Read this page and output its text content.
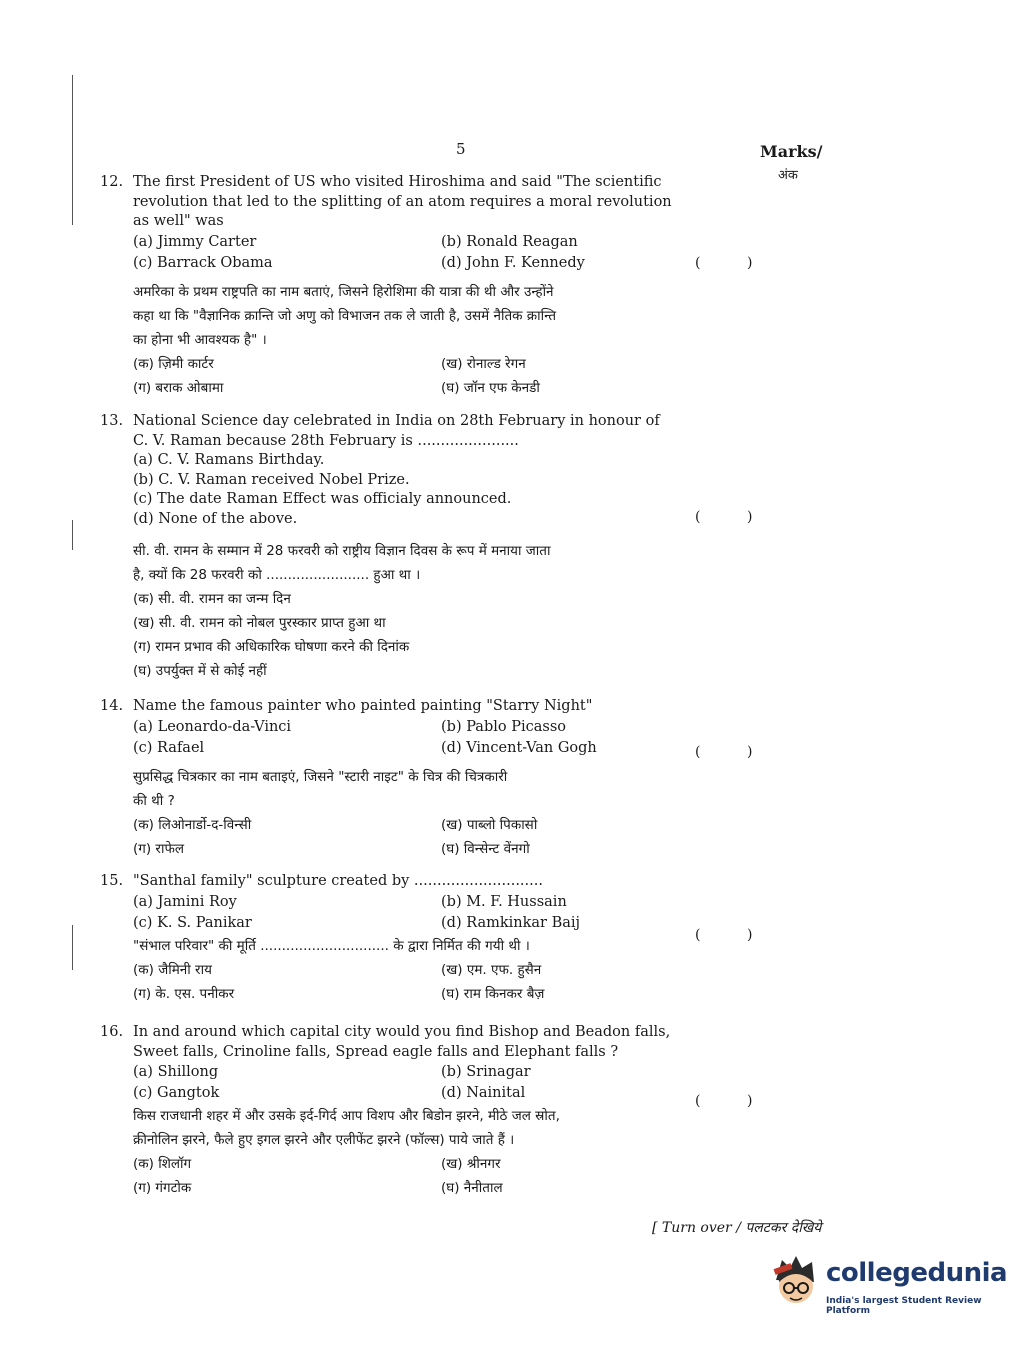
5	Marks/
अंक
12. The first President of US who visited Hiroshima and said "The scientific
revolution that led to the splitting of an atom requires a moral revolution
as well" was
(a) Jimmy Carter	(b) Ronald Reagan
(c) Barrack Obama	(d) John F. Kennedy
अमरिका के प्रथम राष्ट्रपति का नाम बताएं, जिसने हिरोशिमा की यात्रा की थी और उन्होंने
कहा था कि "वैज्ञानिक क्रान्ति जो अणु को विभाजन तक ले जाती है, उसमें नैतिक क्रान्ति
का होना भी आवश्यक है" ।
(क) ज़िमी कार्टर	(ख) रोनाल्ड रेगन
(ग) बराक ओबामा	(घ) जॉन एफ केनडी
(	)
13. National Science day celebrated in India on 28th February in honour of
C. V. Raman because 28th February is ......................
(a) C. V. Ramans Birthday.
(b) C. V. Raman received Nobel Prize.
(c) The date Raman Effect was officialy announced.
(d) None of the above.
सी. वी. रामन के सम्मान में 28 फरवरी को राष्ट्रीय विज्ञान दिवस के रूप में मनाया जाता
है, क्यों कि 28 फरवरी को ........................ हुआ था ।
(क) सी. वी. रामन का जन्म दिन
(ख) सी. वी. रामन को नोबल पुरस्कार प्राप्त हुआ था
(ग) रामन प्रभाव की अधिकारिक घोषणा करने की दिनांक
(घ) उपर्युक्त में से कोई नहीं
(	)
14. Name the famous painter who painted painting "Starry Night"
(a) Leonardo-da-Vinci	(b) Pablo Picasso
(c) Rafael	(d) Vincent-Van Gogh
सुप्रसिद्ध चित्रकार का नाम बताइएं, जिसने "स्टारी नाइट" के चित्र की चित्रकारी
की थी ?
(क) लिओनार्डो-द-विन्सी	(ख) पाब्लो पिकासो
(ग) राफेल	(घ) विन्सेन्ट वेंनगो
(	)
15. "Santhal family" sculpture created by ............................
(a) Jamini Roy	(b) M. F. Hussain
(c) K. S. Panikar	(d) Ramkinkar Baij
"संभाल परिवार" की मूर्ति .............................. के द्वारा निर्मित की गयी थी ।
(क) जैमिनी राय	(ख) एम. एफ. हुसैन
(ग) के. एस. पनीकर	(घ) राम किनकर बैज़
(	)
16. In and around which capital city would you find Bishop and Beadon falls,
Sweet falls, Crinoline falls, Spread eagle falls and Elephant falls ?
(a) Shillong	(b) Srinagar
(c) Gangtok	(d) Nainital
किस राजधानी शहर में और उसके इर्द-गिर्द आप विशप और बिडोन झरने, मीठे जल स्रोत,
क्रीनोलिन झरने, फैले हुए इगल झरने और एलीफेंट झरने (फॉल्स) पाये जाते हैं ।
(क) शिलॉग	(ख) श्रीनगर
(ग) गंगटोक	(घ) नैनीताल
(	)
[ Turn over / पलटकर देखिये
collegedunia
India's largest Student Review Platform
